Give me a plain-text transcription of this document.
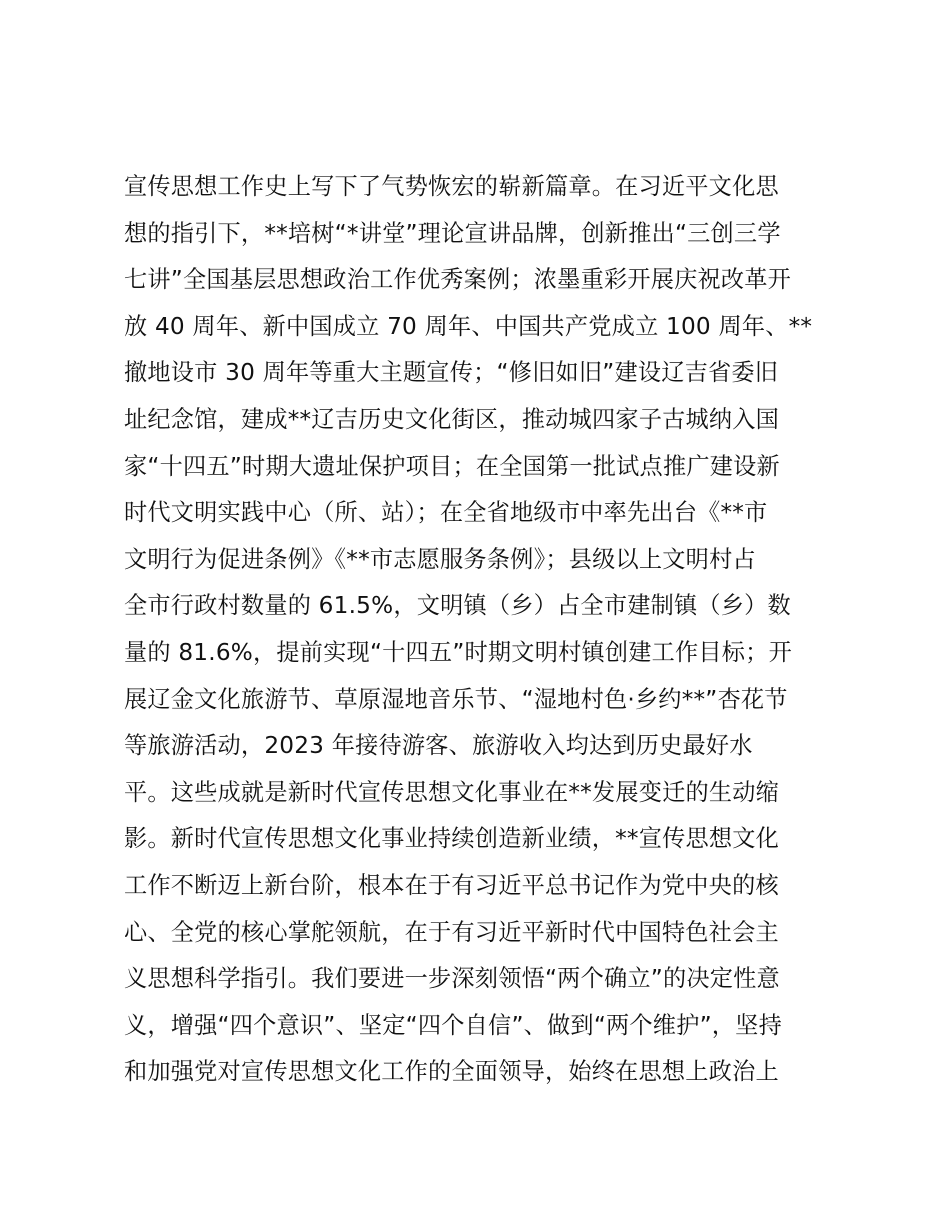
宣传思想工作史上写下了气势恢宏的崭新篇章。在习近平文化思
想的指引下，**培树“*讲堂”理论宣讲品牌，创新推出“三创三学
七讲”全国基层思想政治工作优秀案例；浓墨重彩开展庆祝改革开
放 40 周年、新中国成立 70 周年、中国共产党成立 100 周年、**
撤地设市 30 周年等重大主题宣传；“修旧如旧”建设辽吉省委旧
址纪念馆，建成**辽吉历史文化街区，推动城四家子古城纳入国
家“十四五”时期大遗址保护项目；在全国第一批试点推广建设新
时代文明实践中心（所、站）；在全省地级市中率先出台《**市
文明行为促进条例》《**市志愿服务条例》；县级以上文明村占
全市行政村数量的 61.5%，文明镇（乡）占全市建制镇（乡）数
量的 81.6%，提前实现“十四五”时期文明村镇创建工作目标；开
展辽金文化旅游节、草原湿地音乐节、“湿地村色·乡约**”杏花节
等旅游活动，2023 年接待游客、旅游收入均达到历史最好水
平。这些成就是新时代宣传思想文化事业在**发展变迁的生动缩
影。新时代宣传思想文化事业持续创造新业绩，**宣传思想文化
工作不断迈上新台阶，根本在于有习近平总书记作为党中央的核
心、全党的核心掌舵领航，在于有习近平新时代中国特色社会主
义思想科学指引。我们要进一步深刻领悟“两个确立”的决定性意
义，增强“四个意识”、坚定“四个自信”、做到“两个维护”，坚持
和加强党对宣传思想文化工作的全面领导，始终在思想上政治上
